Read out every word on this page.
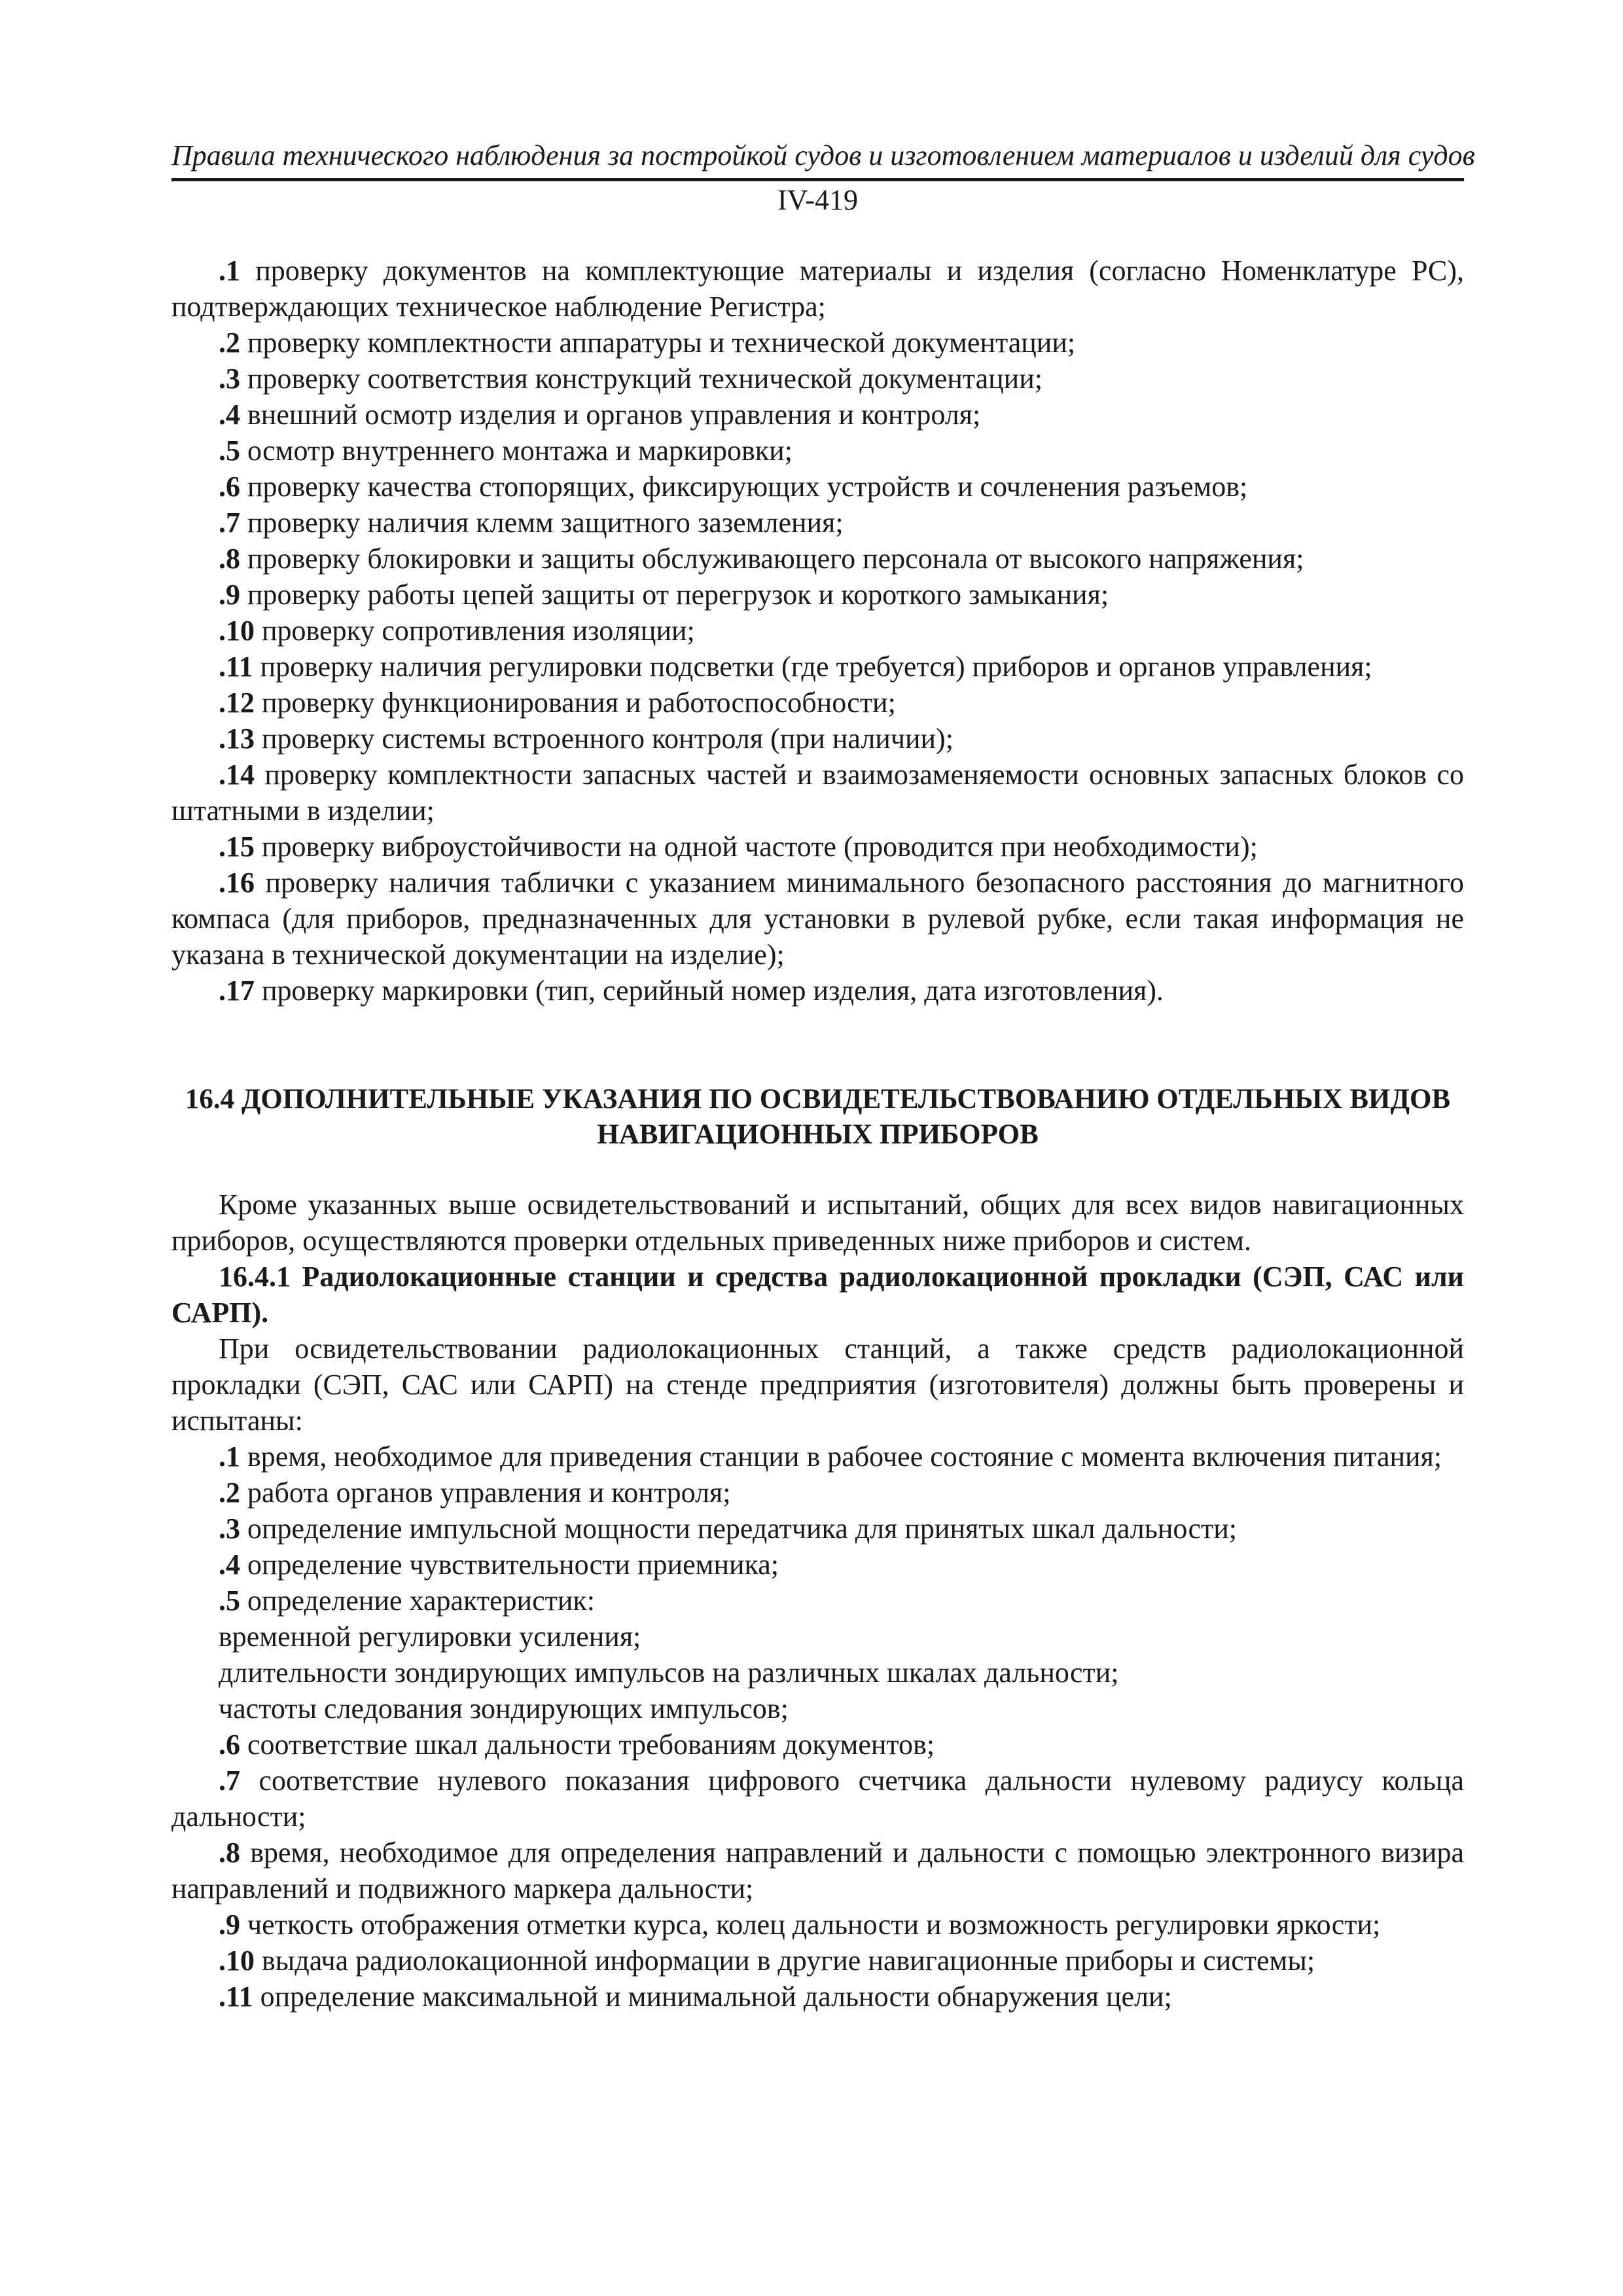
Правила технического наблюдения за постройкой судов и изготовлением материалов и изделий для судов
IV-419

.1 проверку документов на комплектующие материалы и изделия (согласно Номенклатуре РС), подтверждающих техническое наблюдение Регистра;

.2 проверку комплектности аппаратуры и технической документации;

.3 проверку соответствия конструкций технической документации;

.4 внешний осмотр изделия и органов управления и контроля;

.5 осмотр внутреннего монтажа и маркировки;

.6 проверку качества стопорящих, фиксирующих устройств и сочленения разъемов;

.7 проверку наличия клемм защитного заземления;

.8 проверку блокировки и защиты обслуживающего персонала от высокого напряжения;

.9 проверку работы цепей защиты от перегрузок и короткого замыкания;

.10 проверку сопротивления изоляции;

.11 проверку наличия регулировки подсветки (где требуется) приборов и органов управления;

.12 проверку функционирования и работоспособности;

.13 проверку системы встроенного контроля (при наличии);

.14 проверку комплектности запасных частей и взаимозаменяемости основных запасных блоков со штатными в изделии;

.15 проверку виброустойчивости на одной частоте (проводится при необходимости);

.16 проверку наличия таблички с указанием минимального безопасного расстояния до магнитного компаса (для приборов, предназначенных для установки в рулевой рубке, если такая информация не указана в технической документации на изделие);

.17 проверку маркировки (тип, серийный номер изделия, дата изготовления).

16.4 ДОПОЛНИТЕЛЬНЫЕ УКАЗАНИЯ ПО ОСВИДЕТЕЛЬСТВОВАНИЮ ОТДЕЛЬНЫХ ВИДОВ НАВИГАЦИОННЫХ ПРИБОРОВ

Кроме указанных выше освидетельствований и испытаний, общих для всех видов навигационных приборов, осуществляются проверки отдельных приведенных ниже приборов и систем.

16.4.1 Радиолокационные станции и средства радиолокационной прокладки (СЭП, САС или САРП).

При освидетельствовании радиолокационных станций, а также средств радиолокационной прокладки (СЭП, САС или САРП) на стенде предприятия (изготовителя) должны быть проверены и испытаны:

.1 время, необходимое для приведения станции в рабочее состояние с момента включения питания;

.2 работа органов управления и контроля;

.3 определение импульсной мощности передатчика для принятых шкал дальности;

.4 определение чувствительности приемника;

.5 определение характеристик:

временной регулировки усиления;

длительности зондирующих импульсов на различных шкалах дальности;

частоты следования зондирующих импульсов;

.6 соответствие шкал дальности требованиям документов;

.7 соответствие нулевого показания цифрового счетчика дальности нулевому радиусу кольца дальности;

.8 время, необходимое для определения направлений и дальности с помощью электронного визира направлений и подвижного маркера дальности;

.9 четкость отображения отметки курса, колец дальности и возможность регулировки яркости;

.10 выдача радиолокационной информации в другие навигационные приборы и системы;

.11 определение максимальной и минимальной дальности обнаружения цели;
